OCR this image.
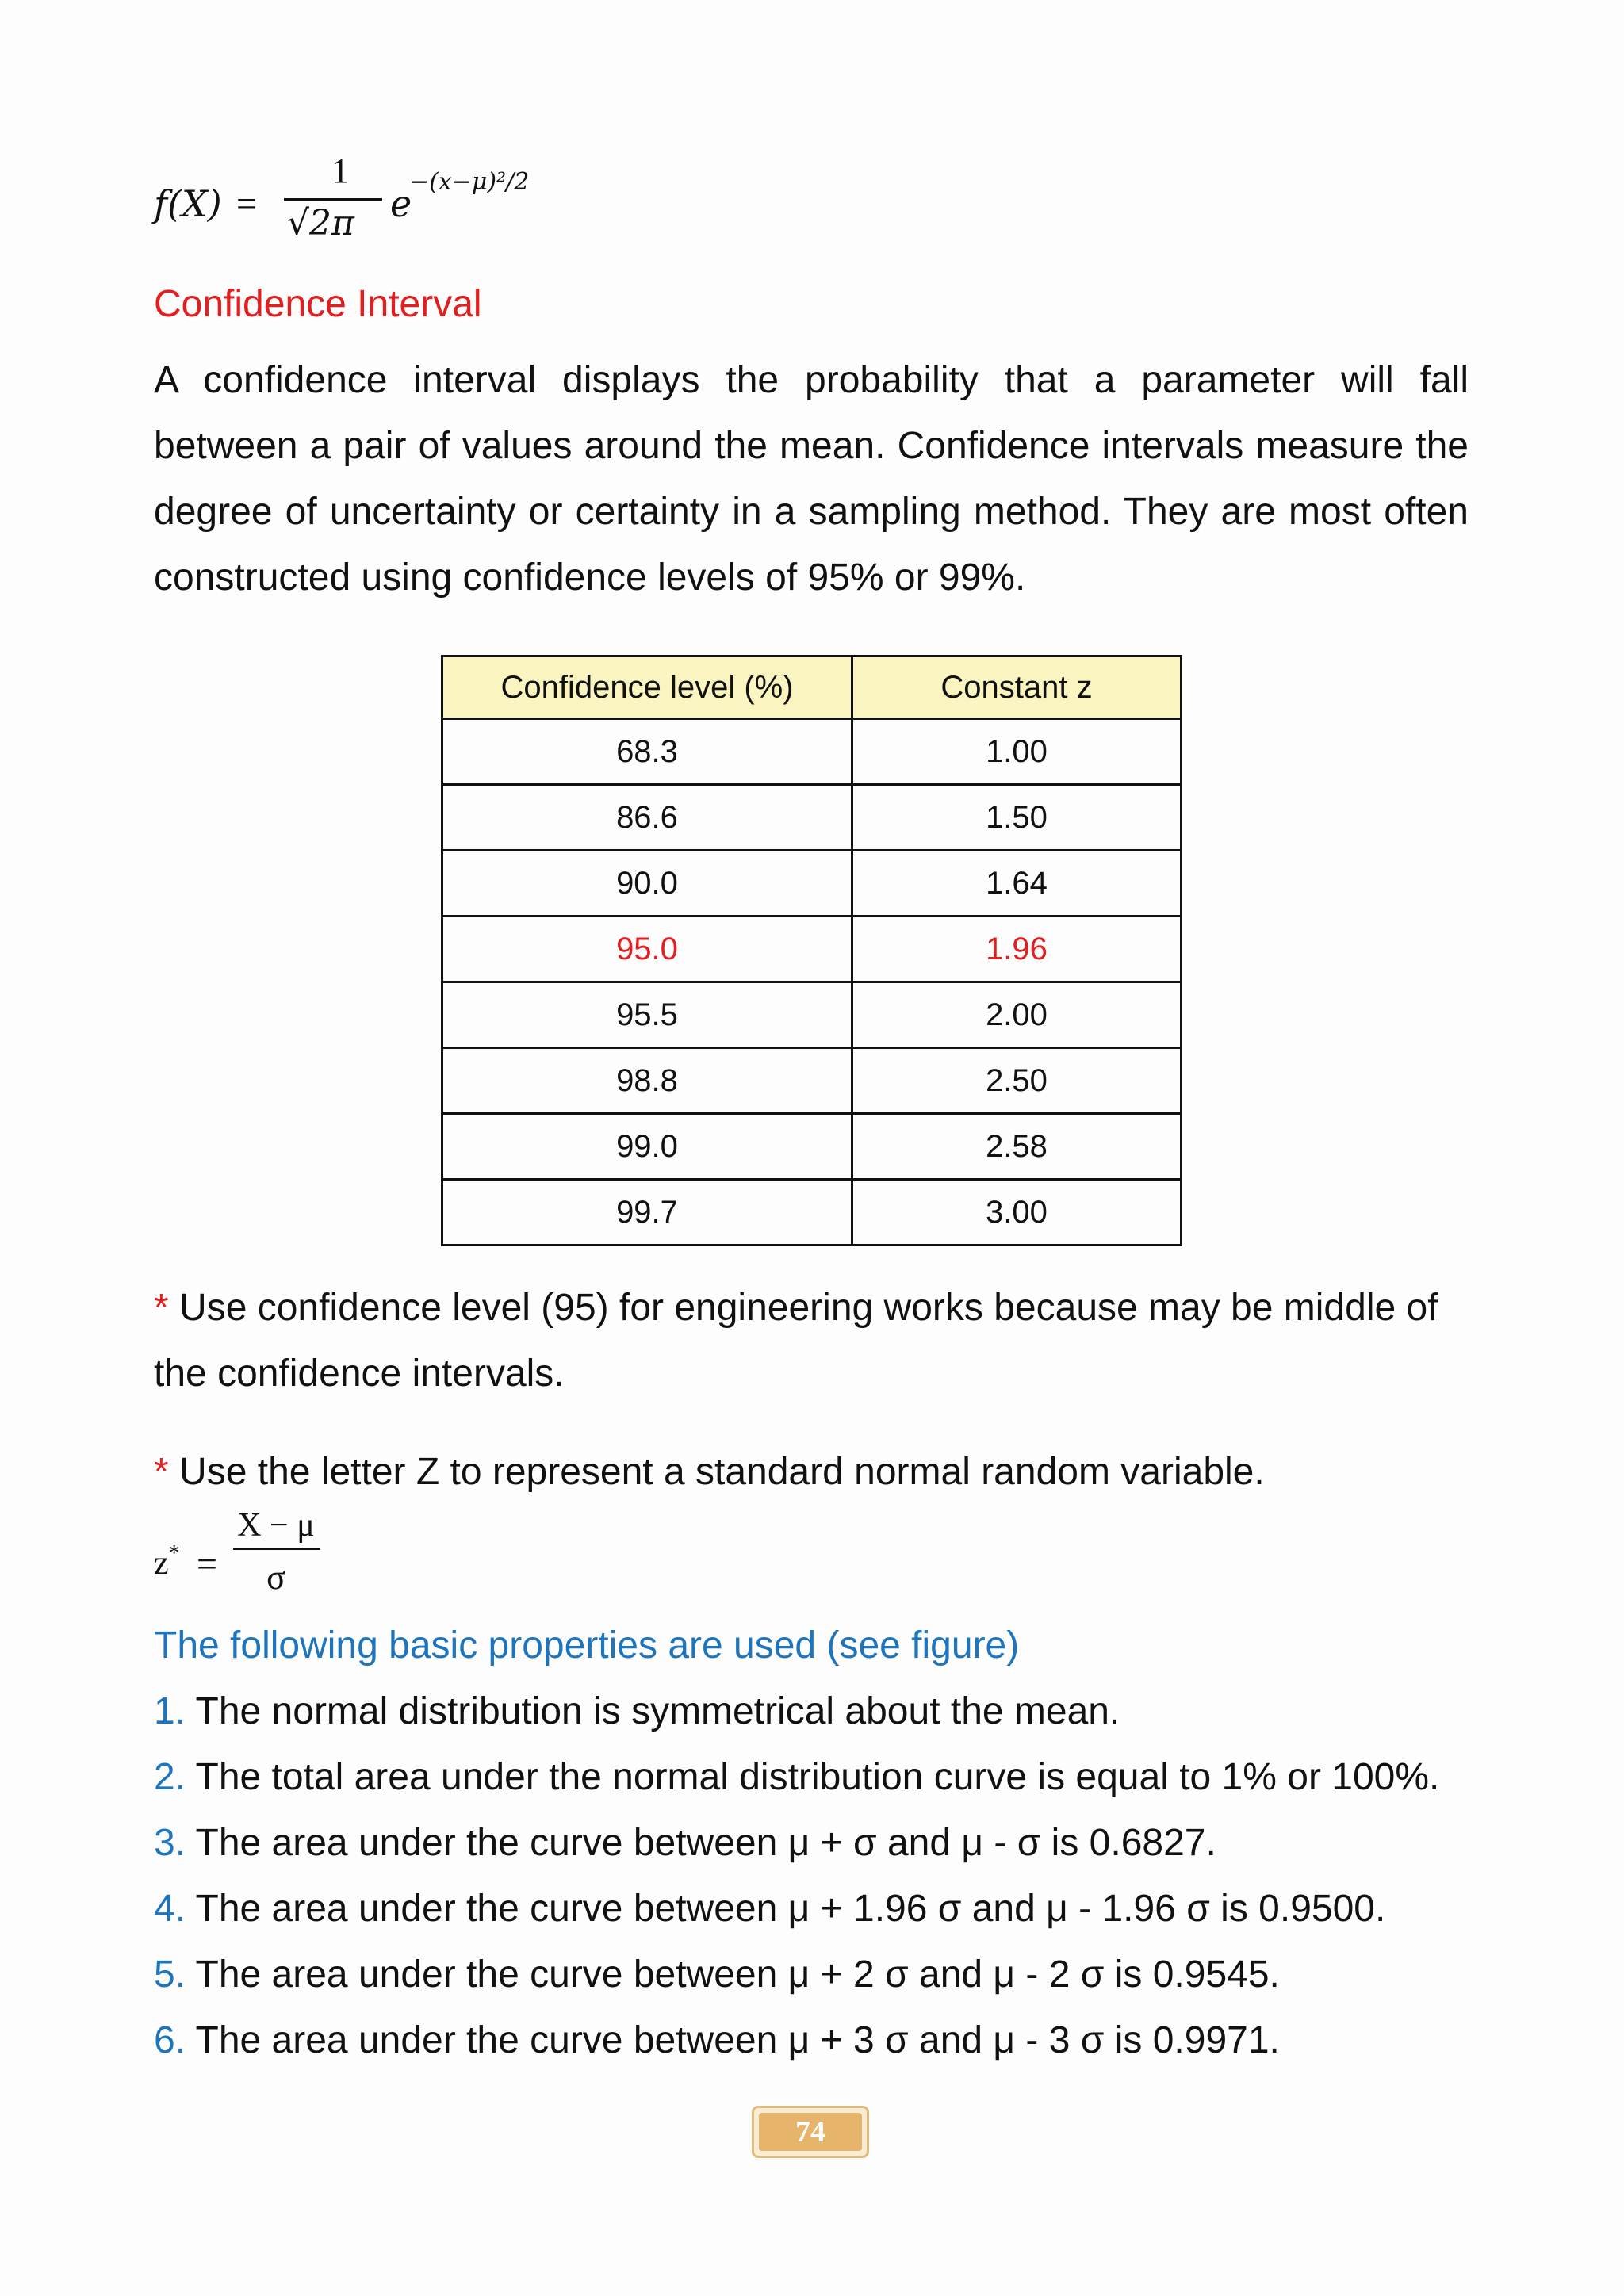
f(X) =
1
√2π e
−(x−μ)²/2
Confidence Interval
A confidence interval displays the probability that a parameter will fall
between a pair of values around the mean. Confidence intervals measure the
degree of uncertainty or certainty in a sampling method. They are most often
constructed using confidence levels of 95% or 99%.
Confidence level (%)	Constant z
68.3	1.00
86.6	1.50
90.0	1.64
95.0	1.96
95.5	2.00
98.8	2.50
99.0	2.58
99.7	3.00
* Use confidence level (95) for engineering works because may be middle of
the confidence intervals.
* Use the letter Z to represent a standard normal random variable.
z* =
X − μ
σ
The following basic properties are used (see figure)
1. The normal distribution is symmetrical about the mean.
2. The total area under the normal distribution curve is equal to 1% or 100%.
3. The area under the curve between μ + σ and μ - σ is 0.6827.
4. The area under the curve between μ + 1.96 σ and μ - 1.96 σ is 0.9500.
5. The area under the curve between μ + 2 σ and μ - 2 σ is 0.9545.
6. The area under the curve between μ + 3 σ and μ - 3 σ is 0.9971.
74
